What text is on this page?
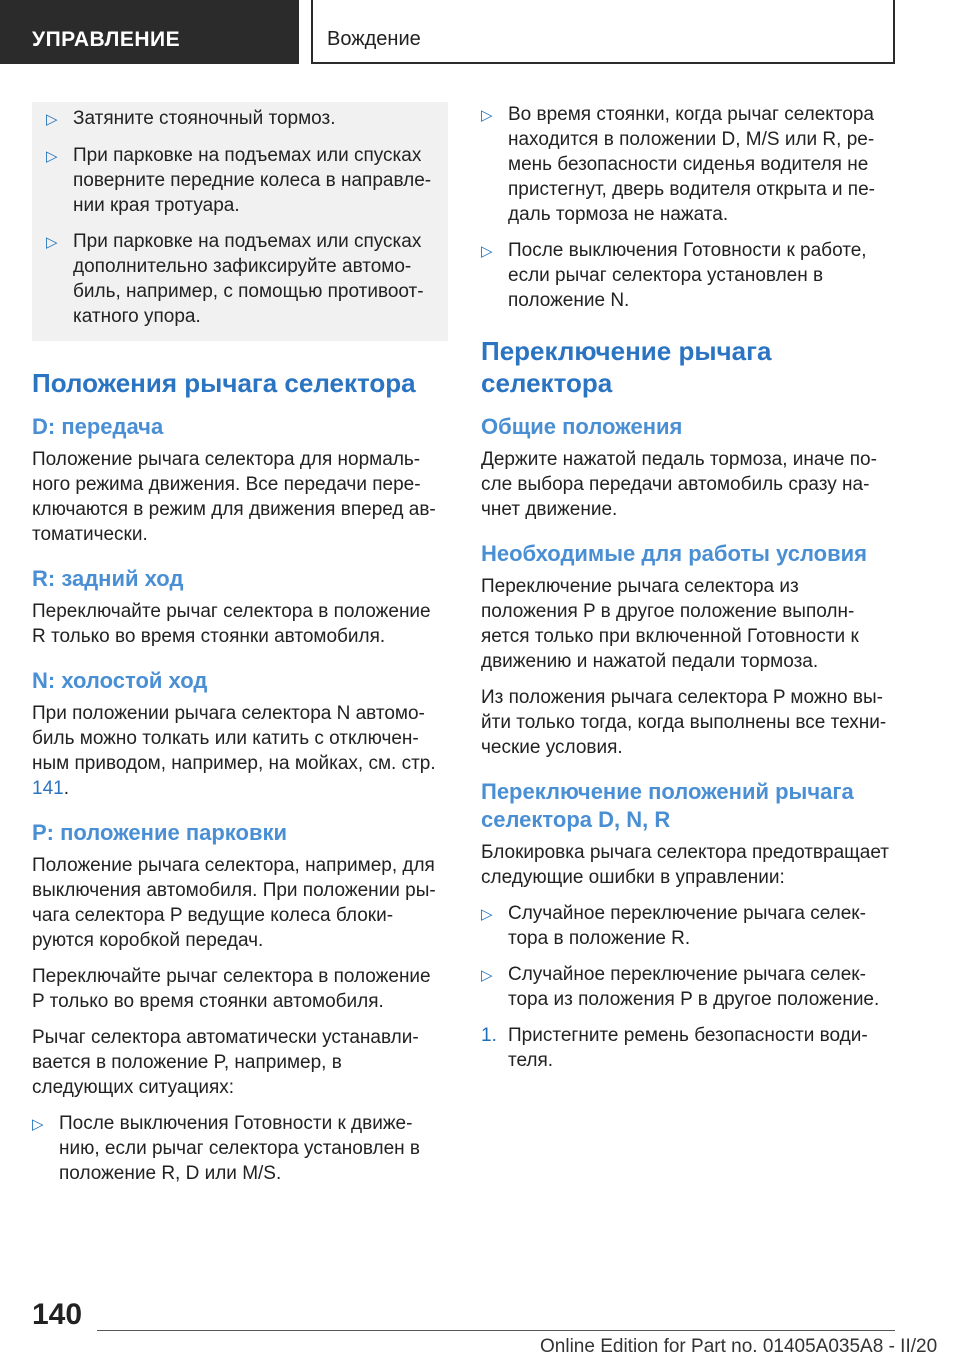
УПРАВЛЕНИЕ	Вождение
▷ Затяните стояночный тормоз.
▷ При парковке на подъемах или спусках поверните передние колеса в направле-нии края тротуара.
▷ При парковке на подъемах или спусках дополнительно зафиксируйте автомо-биль, например, с помощью противоот-катного упора.
Положения рычага селектора
D: передача

Положение рычага селектора для нормаль-ного режима движения. Все передачи пере-ключаются в режим для движения вперед ав-томатически.

R: задний ход

Переключайте рычаг селектора в положение R только во время стоянки автомобиля.

N: холостой ход

При положении рычага селектора N автомо-биль можно толкать или катить с отключен-ным приводом, например, на мойках, см. стр. 141.

P: положение парковки

Положение рычага селектора, например, для выключения автомобиля. При положении ры-чага селектора P ведущие колеса блоки-руются коробкой передач.

Переключайте рычаг селектора в положение P только во время стоянки автомобиля.

Рычаг селектора автоматически устанавли-вается в положение P, например, в следующих ситуациях:

▷ После выключения Готовности к движе-нию, если рычаг селектора установлен в положение R, D или M/S.
▷ Во время стоянки, когда рычаг селектора находится в положении D, M/S или R, ре-мень безопасности сиденья водителя не пристегнут, дверь водителя открыта и пе-даль тормоза не нажата.
▷ После выключения Готовности к работе, если рычаг селектора установлен в положение N.
Переключение рычага селектора
Общие положения

Держите нажатой педаль тормоза, иначе по-сле выбора передачи автомобиль сразу на-чнет движение.

Необходимые для работы условия

Переключение рычага селектора из положения P в другое положение выполн-яется только при включенной Готовности к движению и нажатой педали тормоза.

Из положения рычага селектора P можно вы-йти только тогда, когда выполнены все техни-ческие условия.

Переключение положений рычага селектора D, N, R

Блокировка рычага селектора предотвращает следующие ошибки в управлении:

▷ Случайное переключение рычага селек-тора в положение R.
▷ Случайное переключение рычага селек-тора из положения P в другое положение.
1. Пристегните ремень безопасности води-теля.
140
Online Edition for Part no. 01405A035A8 - II/20
